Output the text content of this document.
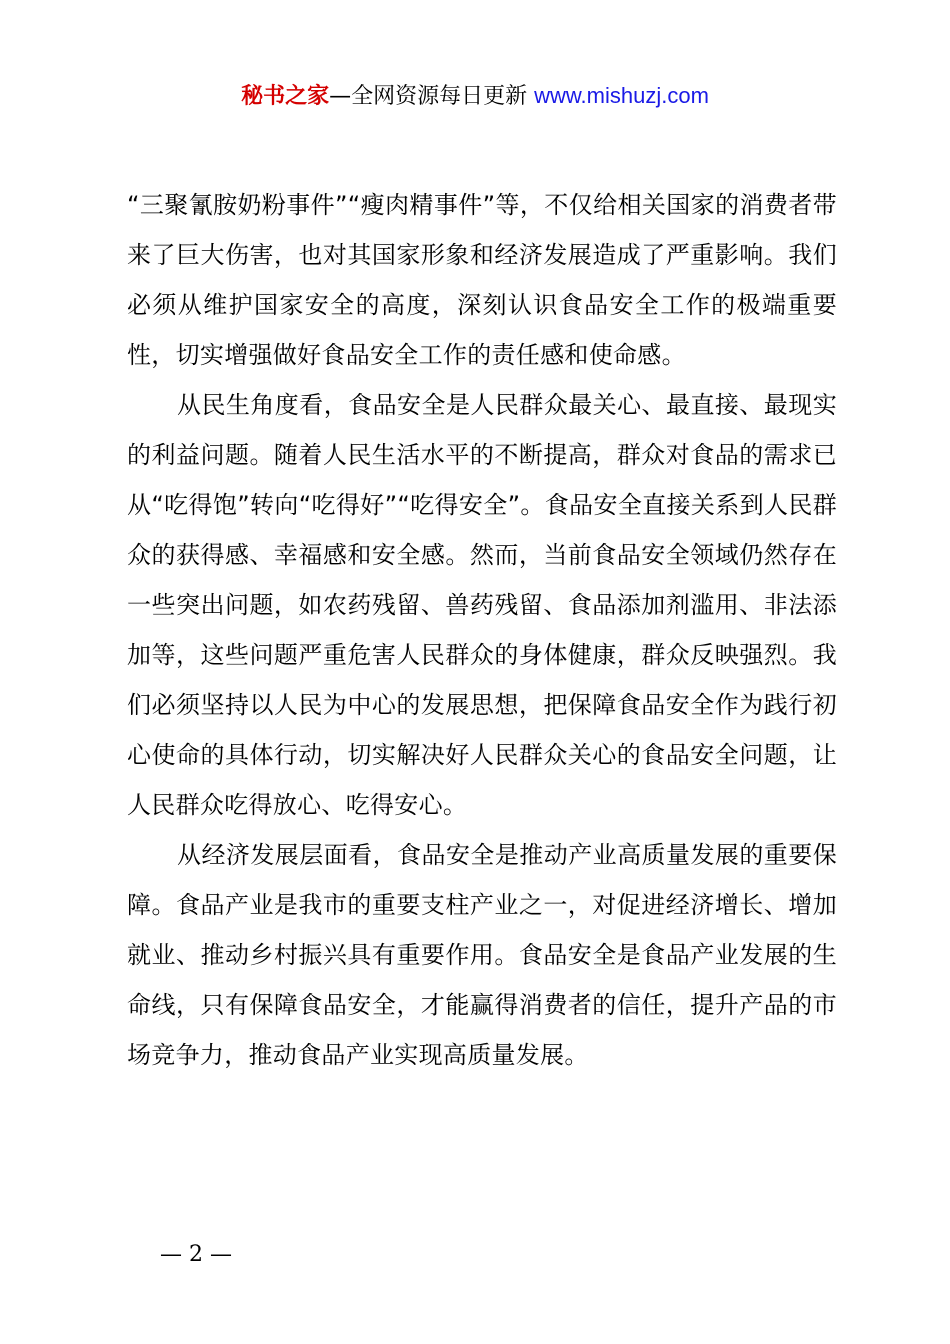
秘书之家—全网资源每日更新 www.mishuzj.com

“三聚氰胺奶粉事件”“瘦肉精事件”等，不仅给相关国家的消费者带来了巨大伤害，也对其国家形象和经济发展造成了严重影响。我们必须从维护国家安全的高度，深刻认识食品安全工作的极端重要性，切实增强做好食品安全工作的责任感和使命感。

从民生角度看，食品安全是人民群众最关心、最直接、最现实的利益问题。随着人民生活水平的不断提高，群众对食品的需求已从“吃得饱”转向“吃得好”“吃得安全”。食品安全直接关系到人民群众的获得感、幸福感和安全感。然而，当前食品安全领域仍然存在一些突出问题，如农药残留、兽药残留、食品添加剂滥用、非法添加等，这些问题严重危害人民群众的身体健康，群众反映强烈。我们必须坚持以人民为中心的发展思想，把保障食品安全作为践行初心使命的具体行动，切实解决好人民群众关心的食品安全问题，让人民群众吃得放心、吃得安心。

从经济发展层面看，食品安全是推动产业高质量发展的重要保障。食品产业是我市的重要支柱产业之一，对促进经济增长、增加就业、推动乡村振兴具有重要作用。食品安全是食品产业发展的生命线，只有保障食品安全，才能赢得消费者的信任，提升产品的市场竞争力，推动食品产业实现高质量发展。

— 2 —
